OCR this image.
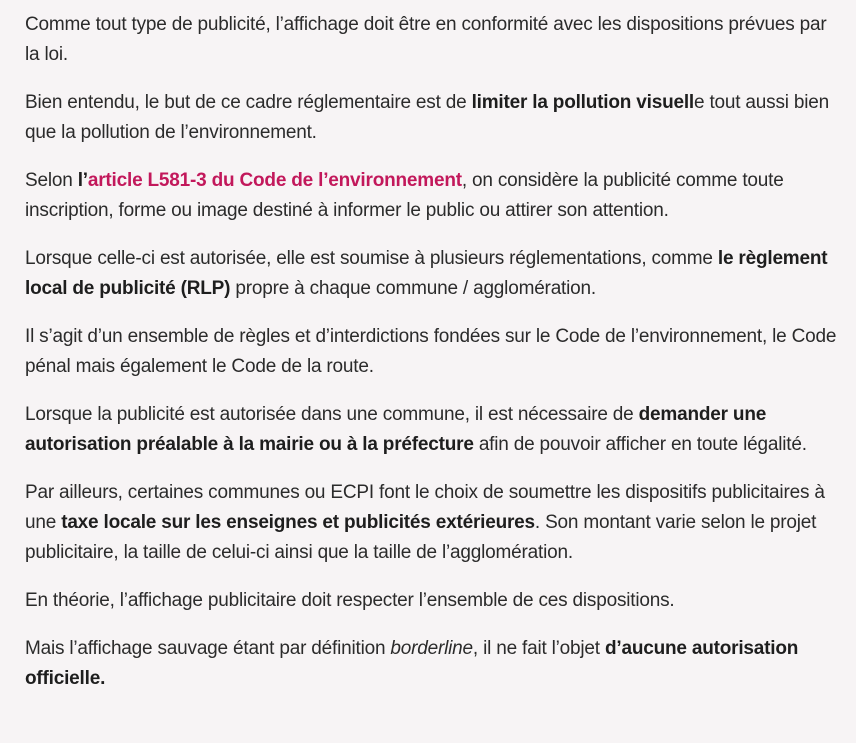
Comme tout type de publicité, l’affichage doit être en conformité avec les dispositions prévues par la loi.

Bien entendu, le but de ce cadre réglementaire est de limiter la pollution visuelle tout aussi bien que la pollution de l’environnement.

Selon l’article L581-3 du Code de l’environnement, on considère la publicité comme toute inscription, forme ou image destiné à informer le public ou attirer son attention.

Lorsque celle-ci est autorisée, elle est soumise à plusieurs réglementations, comme le règlement local de publicité (RLP) propre à chaque commune / agglomération.

Il s’agit d’un ensemble de règles et d’interdictions fondées sur le Code de l’environnement, le Code pénal mais également le Code de la route.

Lorsque la publicité est autorisée dans une commune, il est nécessaire de demander une autorisation préalable à la mairie ou à la préfecture afin de pouvoir afficher en toute légalité.

Par ailleurs, certaines communes ou ECPI font le choix de soumettre les dispositifs publicitaires à une taxe locale sur les enseignes et publicités extérieures. Son montant varie selon le projet publicitaire, la taille de celui-ci ainsi que la taille de l’agglomération.

En théorie, l’affichage publicitaire doit respecter l’ensemble de ces dispositions.

Mais l’affichage sauvage étant par définition borderline, il ne fait l’objet d’aucune autorisation officielle.
